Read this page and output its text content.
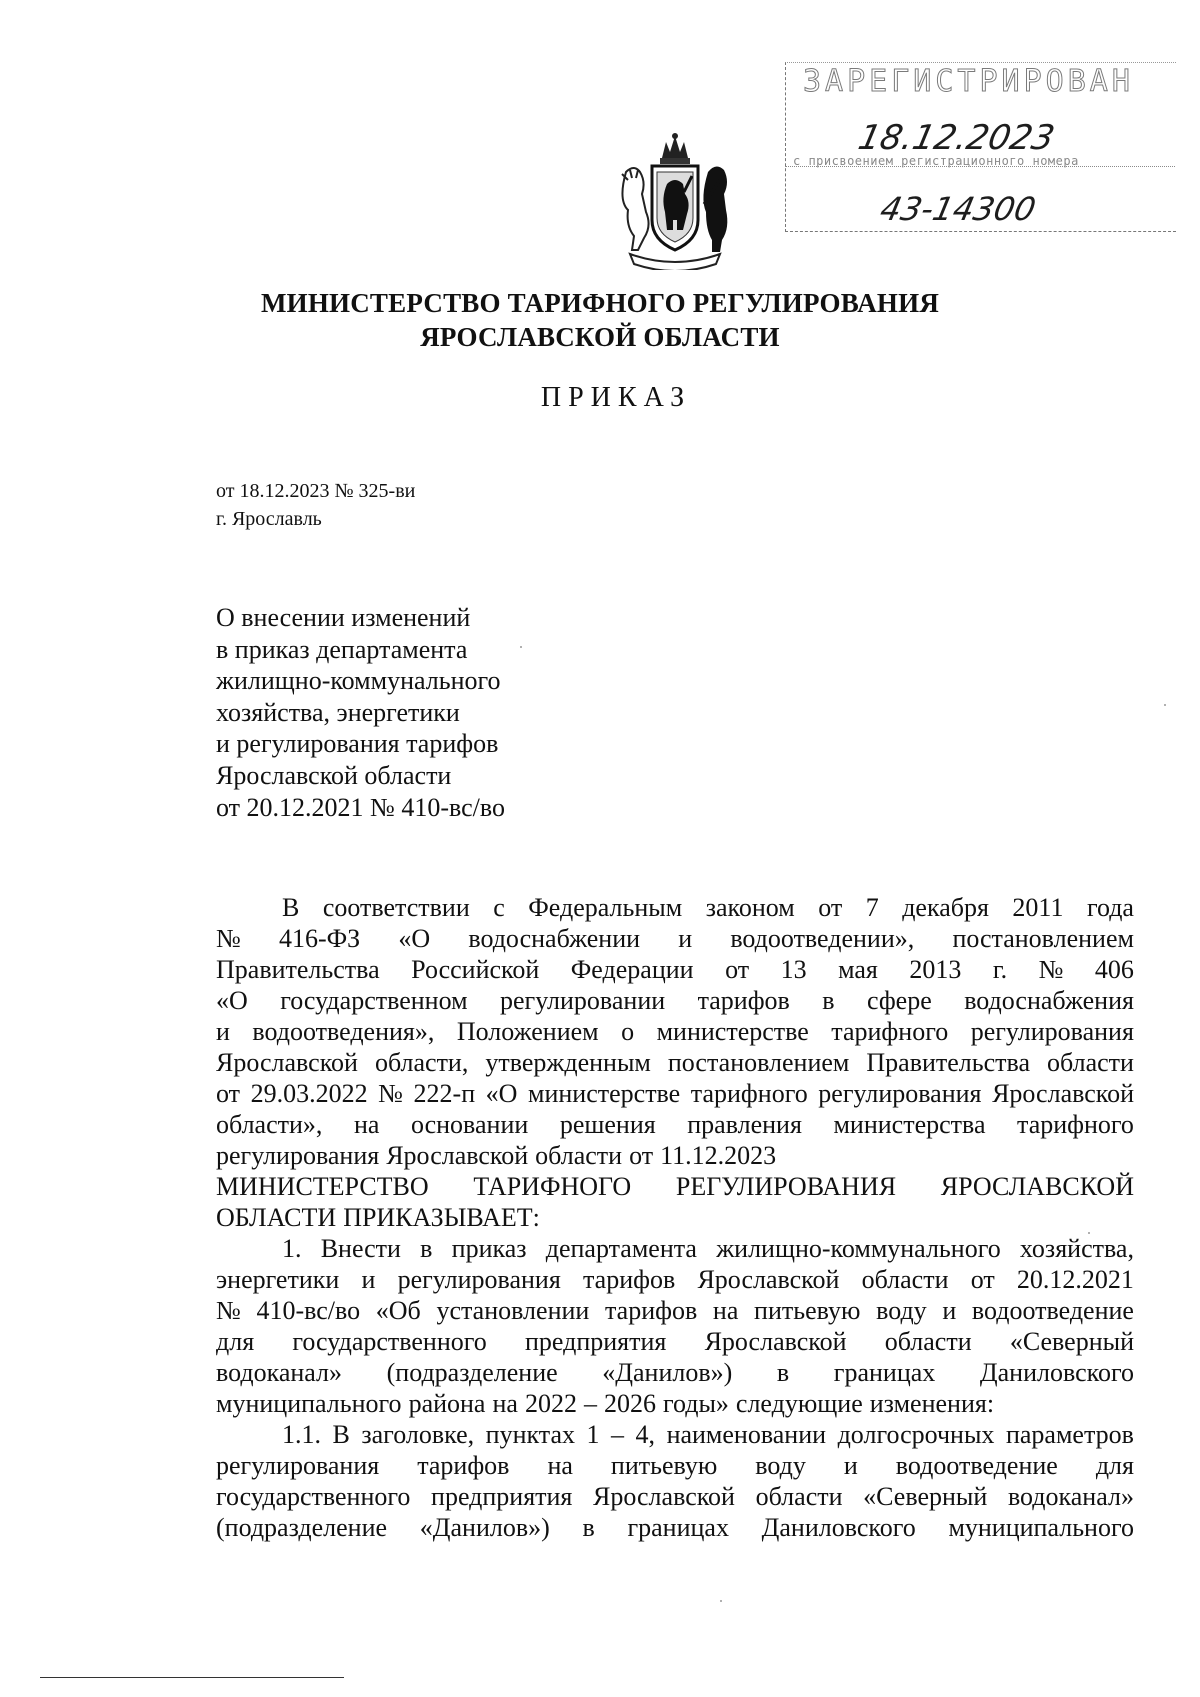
ЗАРЕГИСТРИРОВАН
18.12.2023
с присвоением регистрационного номера
43-14300
МИНИСТЕРСТВО ТАРИФНОГО РЕГУЛИРОВАНИЯ
ЯРОСЛАВСКОЙ ОБЛАСТИ
ПРИКАЗ
от 18.12.2023 № 325-ви
г. Ярославль
О внесении изменений
в приказ департамента
жилищно-коммунального
хозяйства, энергетики
и регулирования тарифов
Ярославской области
от 20.12.2021 № 410-вс/во
В соответствии с Федеральным законом от 7 декабря 2011 года
№ 416-ФЗ «О водоснабжении и водоотведении», постановлением
Правительства Российской Федерации от 13 мая 2013 г. № 406
«О государственном регулировании тарифов в сфере водоснабжения
и водоотведения», Положением о министерстве тарифного регулирования
Ярославской области, утвержденным постановлением Правительства области
от 29.03.2022 № 222-п «О министерстве тарифного регулирования Ярославской
области», на основании решения правления министерства тарифного
регулирования Ярославской области от 11.12.2023
МИНИСТЕРСТВО ТАРИФНОГО РЕГУЛИРОВАНИЯ ЯРОСЛАВСКОЙ
ОБЛАСТИ ПРИКАЗЫВАЕТ:
1. Внести в приказ департамента жилищно-коммунального хозяйства,
энергетики и регулирования тарифов Ярославской области от 20.12.2021
№ 410-вс/во «Об установлении тарифов на питьевую воду и водоотведение
для государственного предприятия Ярославской области «Северный
водоканал» (подразделение «Данилов») в границах Даниловского
муниципального района на 2022 – 2026 годы» следующие изменения:
1.1. В заголовке, пунктах 1 – 4, наименовании долгосрочных параметров
регулирования тарифов на питьевую воду и водоотведение для
государственного предприятия Ярославской области «Северный водоканал»
(подразделение «Данилов») в границах Даниловского муниципального
